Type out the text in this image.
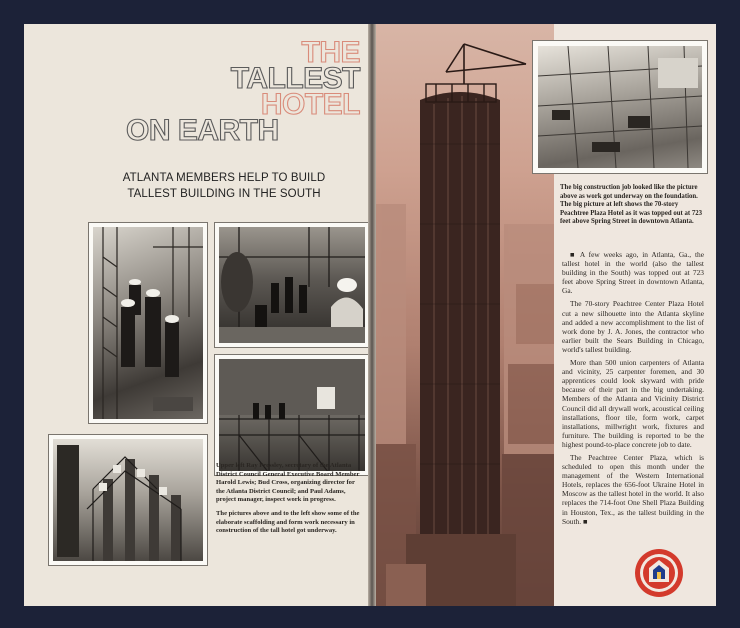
THE
TALLEST
HOTEL
ON EARTH
ATLANTA MEMBERS HELP TO BUILD
TALLEST BUILDING IN THE SOUTH

Upper left Ray Pressley, secretary of the Atlanta District Council General Executive Board Member Harold Lewis; Bud Cross, organizing director for the Atlanta District Council; and Paul Adams, project manager, inspect work in progress.

The pictures above and to the left show some of the elaborate scaffolding and form work necessary in construction of the tall hotel got underway.

The big construction job looked like the picture above as work got underway on the foundation. The big picture at left shows the 70-story Peachtree Plaza Hotel as it was topped out at 723 feet above Spring Street in downtown Atlanta.

■ A few weeks ago, in Atlanta, Ga., the tallest hotel in the world (also the tallest building in the South) was topped out at 723 feet above Spring Street in downtown Atlanta, Ga.

The 70-story Peachtree Center Plaza Hotel cut a new silhouette into the Atlanta skyline and added a new accomplishment to the list of work done by J. A. Jones, the contractor who earlier built the Sears Building in Chicago, world's tallest building.

More than 500 union carpenters of Atlanta and vicinity, 25 carpenter foremen, and 30 apprentices could look skyward with pride because of their part in the big undertaking. Members of the Atlanta and Vicinity District Council did all drywall work, acoustical ceiling installations, floor tile, form work, carpet installations, millwright work, fixtures and furniture. The building is reported to be the highest pound-to-place concrete job to date.

The Peachtree Center Plaza, which is scheduled to open this month under the management of the Western International Hotels, replaces the 656-foot Ukraine Hotel in Moscow as the tallest hotel in the world. It also replaces the 714-foot One Shell Plaza Building in Houston, Tex., as the tallest building in the South. ■
